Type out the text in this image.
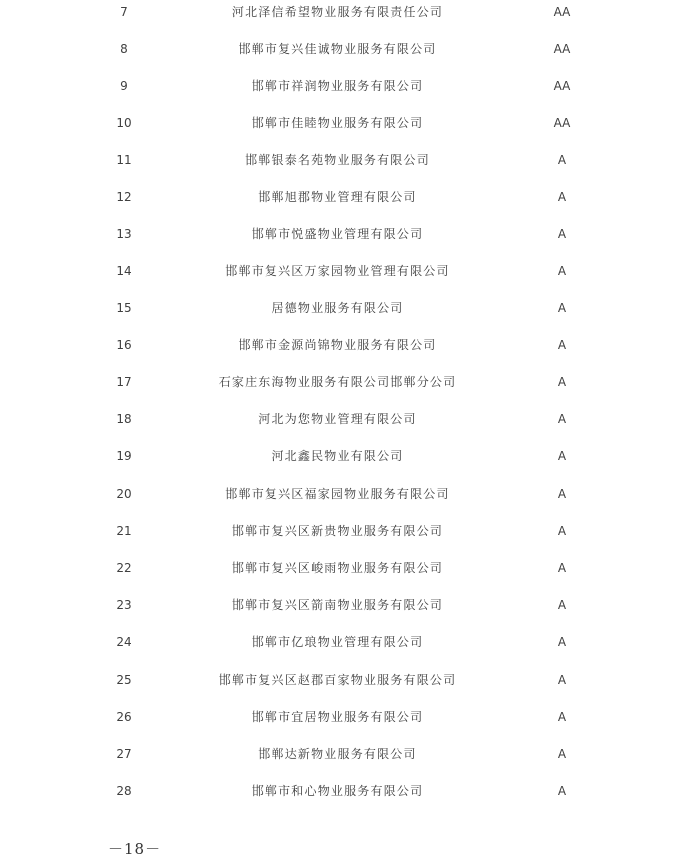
7	河北泽信希望物业服务有限责任公司	AA
8	邯郸市复兴佳诚物业服务有限公司	AA
9	邯郸市祥润物业服务有限公司	AA
10	邯郸市佳睦物业服务有限公司	AA
11	邯郸银泰名苑物业服务有限公司	A
12	邯郸旭郡物业管理有限公司	A
13	邯郸市悦盛物业管理有限公司	A
14	邯郸市复兴区万家园物业管理有限公司	A
15	居德物业服务有限公司	A
16	邯郸市金源尚锦物业服务有限公司	A
17	石家庄东海物业服务有限公司邯郸分公司	A
18	河北为您物业管理有限公司	A
19	河北鑫民物业有限公司	A
20	邯郸市复兴区福家园物业服务有限公司	A
21	邯郸市复兴区新贵物业服务有限公司	A
22	邯郸市复兴区峻雨物业服务有限公司	A
23	邯郸市复兴区箭南物业服务有限公司	A
24	邯郸市亿琅物业管理有限公司	A
25	邯郸市复兴区赵郡百家物业服务有限公司	A
26	邯郸市宜居物业服务有限公司	A
27	邯郸达新物业服务有限公司	A
28	邯郸市和心物业服务有限公司	A
－18－
